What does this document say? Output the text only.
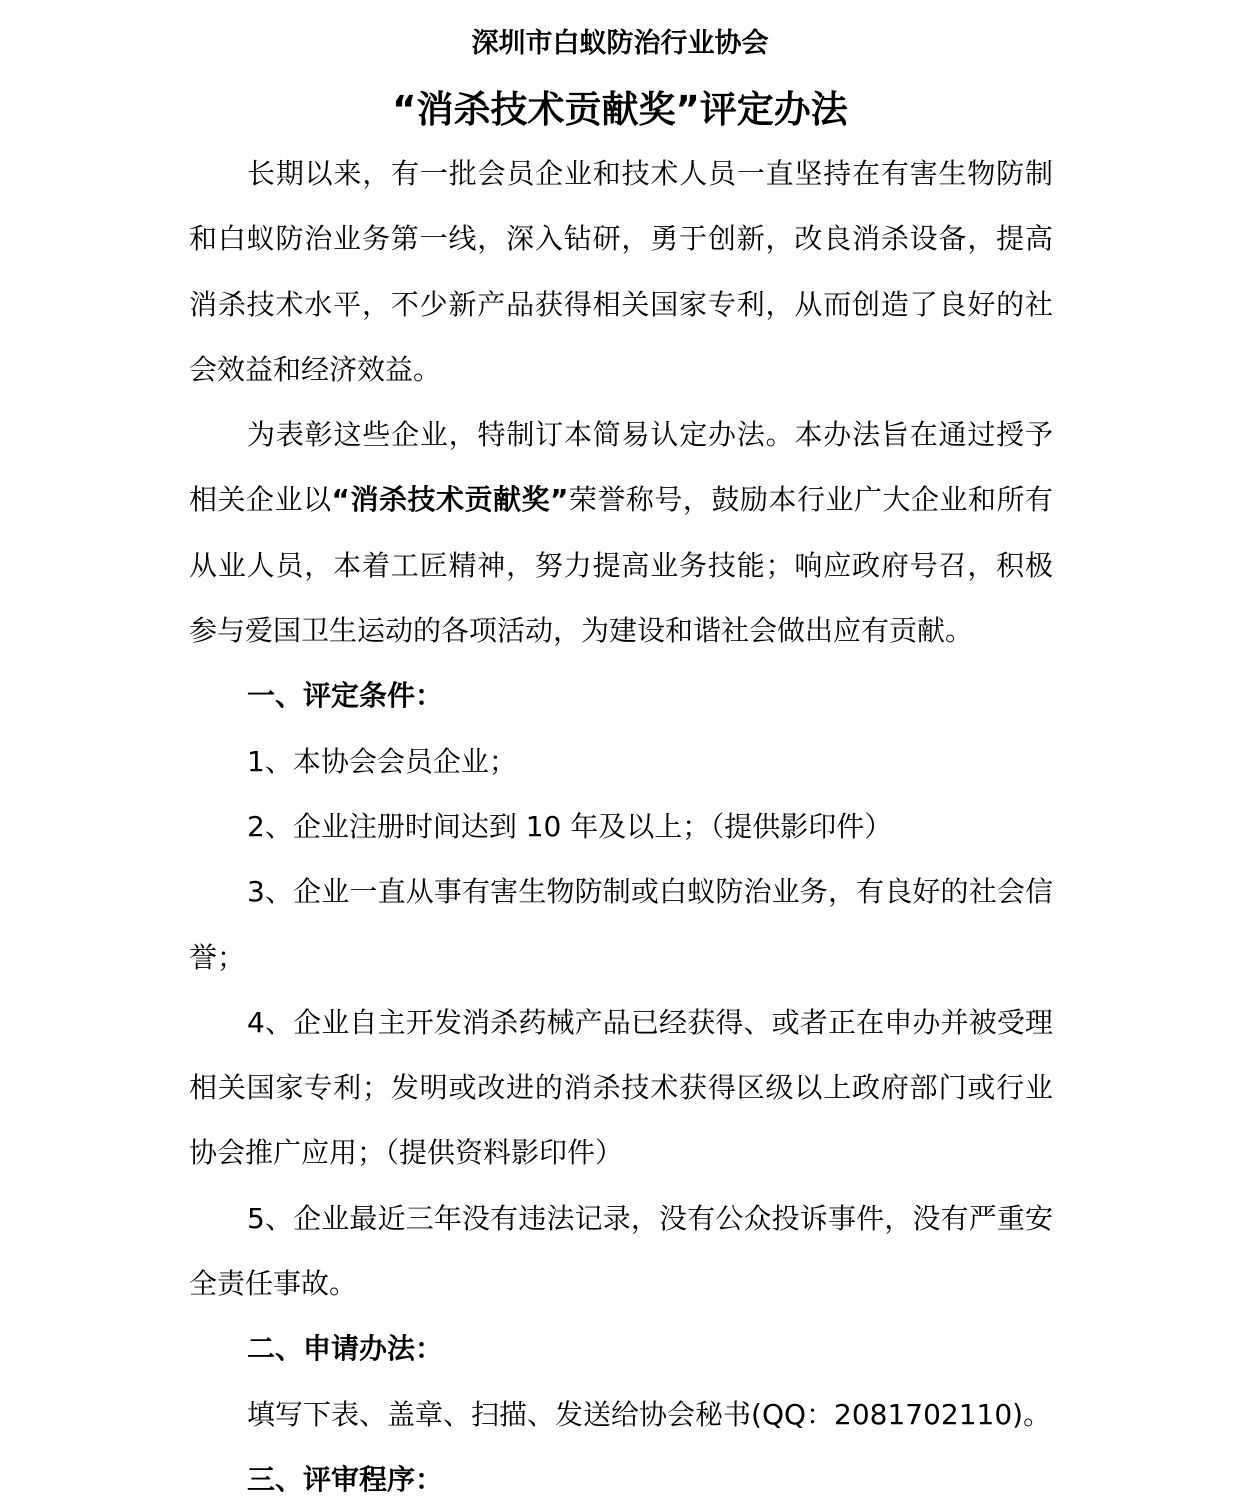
深圳市白蚁防治行业协会
“消杀技术贡献奖”评定办法

长期以来，有一批会员企业和技术人员一直坚持在有害生物防制和白蚁防治业务第一线，深入钻研，勇于创新，改良消杀设备，提高消杀技术水平，不少新产品获得相关国家专利，从而创造了良好的社会效益和经济效益。

为表彰这些企业，特制订本简易认定办法。本办法旨在通过授予相关企业以“消杀技术贡献奖”荣誉称号，鼓励本行业广大企业和所有从业人员，本着工匠精神，努力提高业务技能；响应政府号召，积极参与爱国卫生运动的各项活动，为建设和谐社会做出应有贡献。

一、评定条件：

1、本协会会员企业；

2、企业注册时间达到 10 年及以上；（提供影印件）

3、企业一直从事有害生物防制或白蚁防治业务，有良好的社会信誉；

4、企业自主开发消杀药械产品已经获得、或者正在申办并被受理相关国家专利；发明或改进的消杀技术获得区级以上政府部门或行业协会推广应用；（提供资料影印件）

5、企业最近三年没有违法记录，没有公众投诉事件，没有严重安全责任事故。

二、申请办法：

填写下表、盖章、扫描、发送给协会秘书(QQ：2081702110)。

三、评审程序：
